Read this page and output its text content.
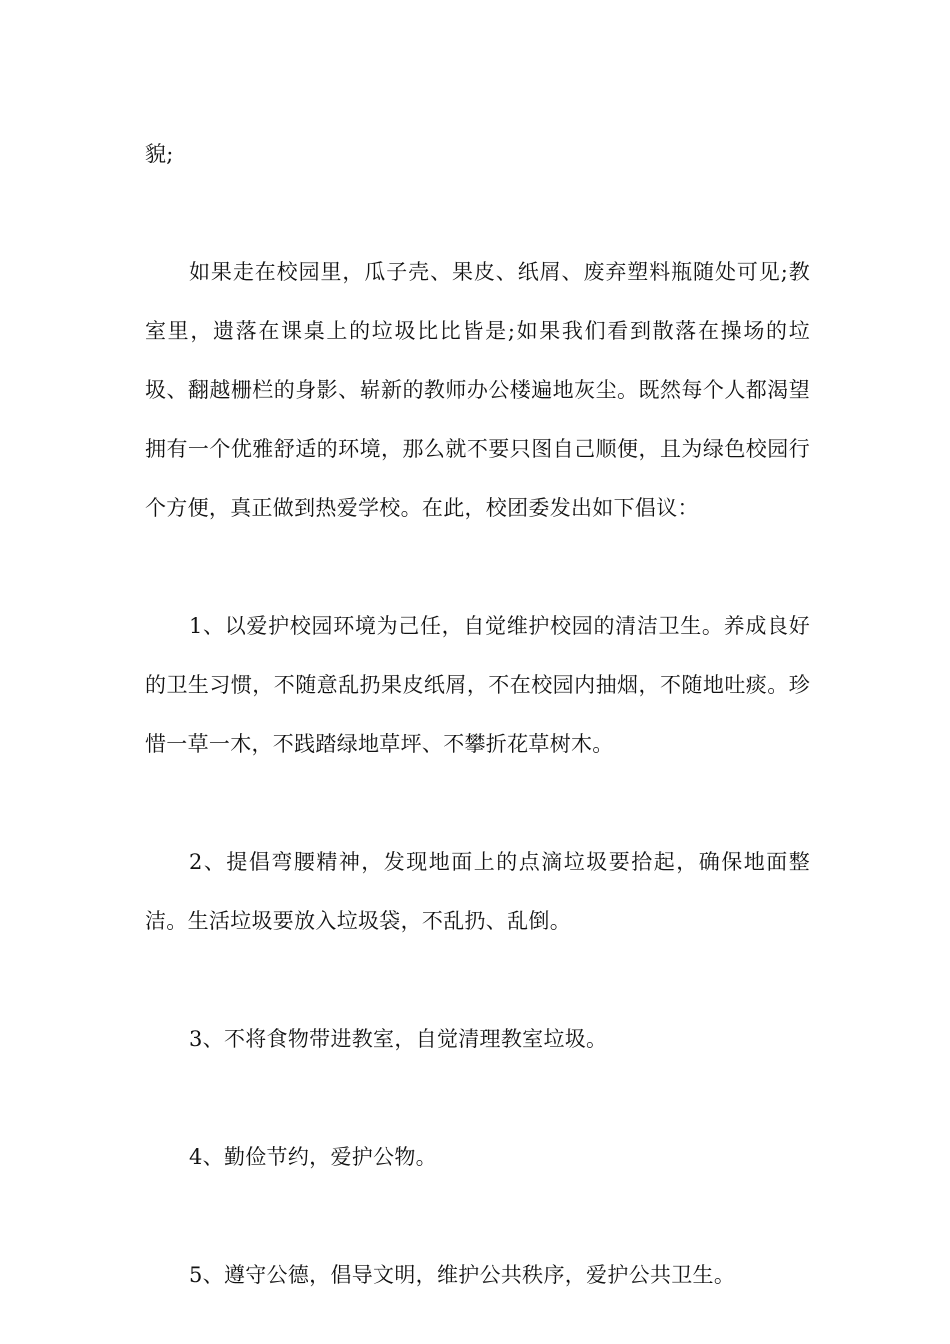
貌;

如果走在校园里，瓜子壳、果皮、纸屑、废弃塑料瓶随处可见;教室里，遗落在课桌上的垃圾比比皆是;如果我们看到散落在操场的垃圾、翻越栅栏的身影、崭新的教师办公楼遍地灰尘。既然每个人都渴望拥有一个优雅舒适的环境，那么就不要只图自己顺便，且为绿色校园行个方便，真正做到热爱学校。在此，校团委发出如下倡议：

1、以爱护校园环境为己任，自觉维护校园的清洁卫生。养成良好的卫生习惯，不随意乱扔果皮纸屑，不在校园内抽烟，不随地吐痰。珍惜一草一木，不践踏绿地草坪、不攀折花草树木。

2、提倡弯腰精神，发现地面上的点滴垃圾要拾起，确保地面整洁。生活垃圾要放入垃圾袋，不乱扔、乱倒。

3、不将食物带进教室，自觉清理教室垃圾。

4、勤俭节约，爱护公物。

5、遵守公德，倡导文明，维护公共秩序，爱护公共卫生。
